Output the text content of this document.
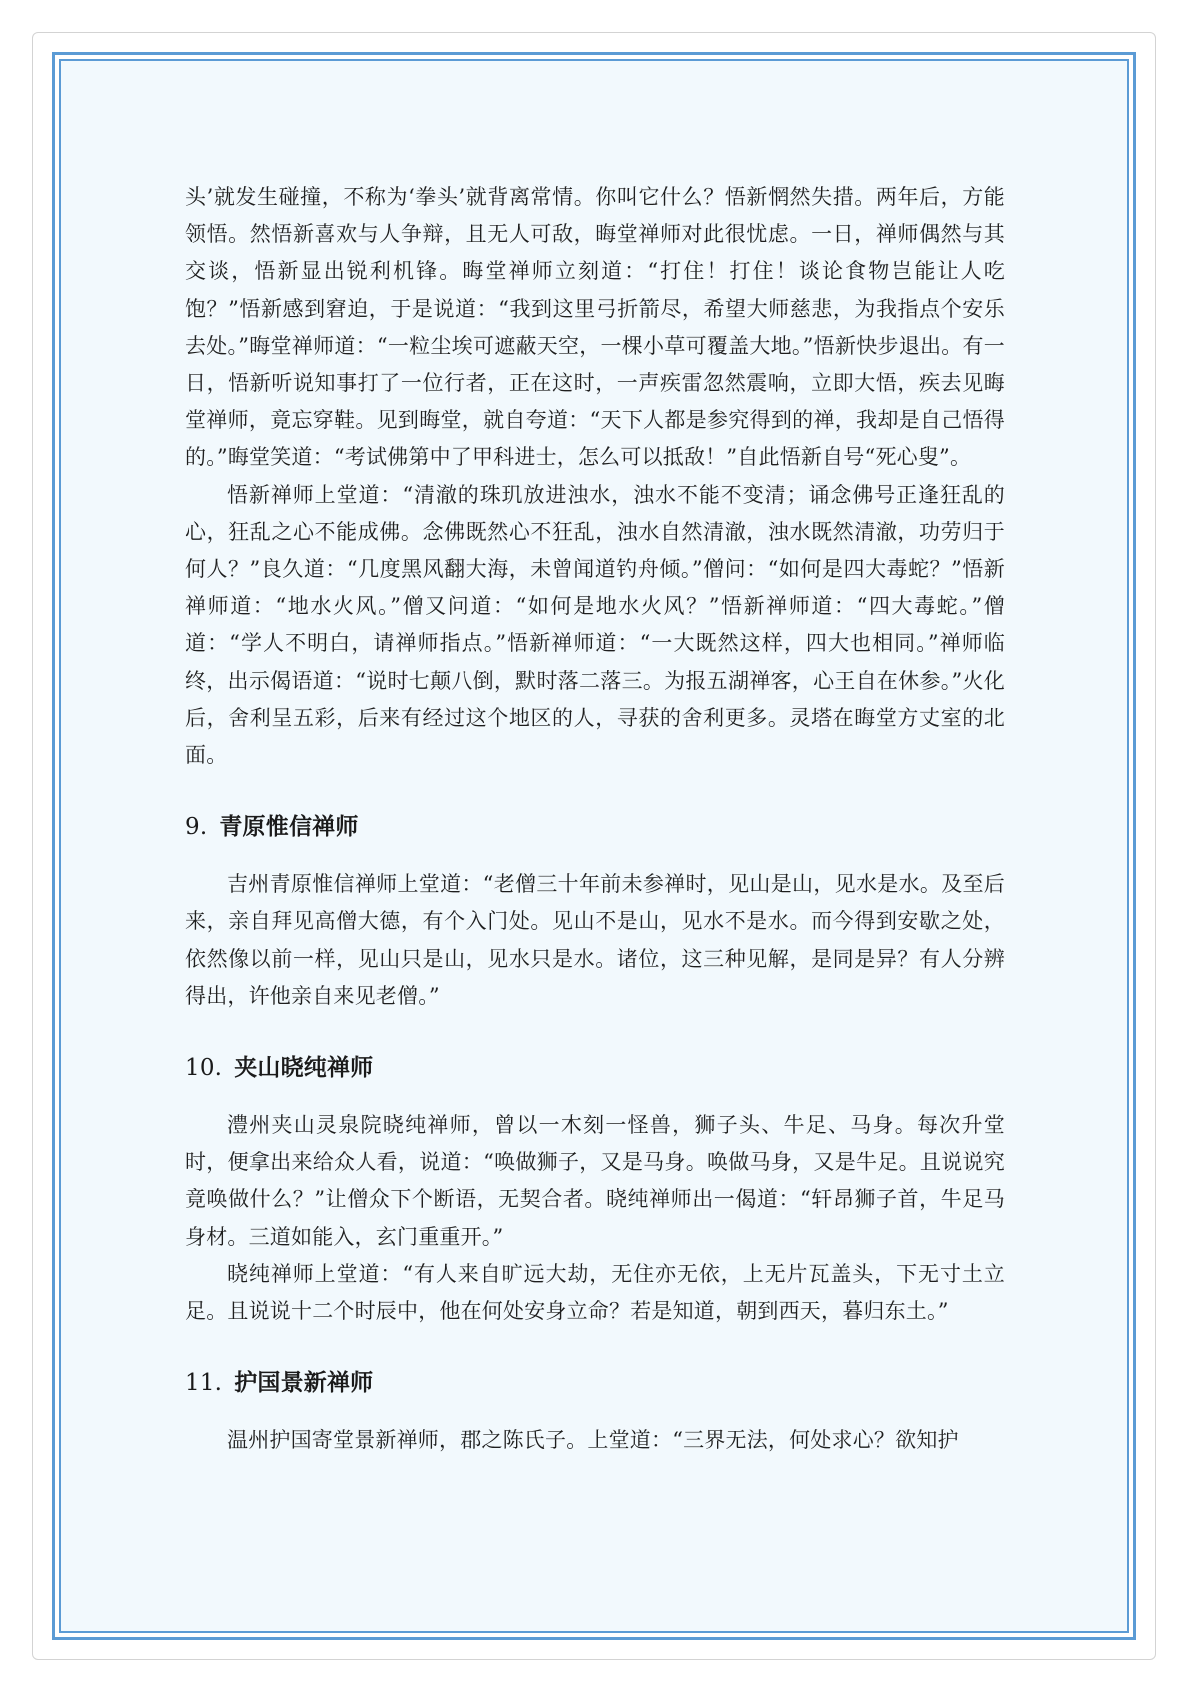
头’就发生碰撞，不称为‘拳头’就背离常情。你叫它什么？悟新惘然失措。两年后，方能领悟。然悟新喜欢与人争辩，且无人可敌，晦堂禅师对此很忧虑。一日，禅师偶然与其交谈，悟新显出锐利机锋。晦堂禅师立刻道：“打住！打住！谈论食物岂能让人吃饱？”悟新感到窘迫，于是说道：“我到这里弓折箭尽，希望大师慈悲，为我指点个安乐去处。”晦堂禅师道：“一粒尘埃可遮蔽天空，一棵小草可覆盖大地。”悟新快步退出。有一日，悟新听说知事打了一位行者，正在这时，一声疾雷忽然震响，立即大悟，疾去见晦堂禅师，竟忘穿鞋。见到晦堂，就自夸道：“天下人都是参究得到的禅，我却是自己悟得的。”晦堂笑道：“考试佛第中了甲科进士，怎么可以抵敌！”自此悟新自号“死心叟”。

悟新禅师上堂道：“清澈的珠玑放进浊水，浊水不能不变清；诵念佛号正逢狂乱的心，狂乱之心不能成佛。念佛既然心不狂乱，浊水自然清澈，浊水既然清澈，功劳归于何人？”良久道：“几度黑风翻大海，未曾闻道钓舟倾。”僧问：“如何是四大毒蛇？”悟新禅师道：“地水火风。”僧又问道：“如何是地水火风？”悟新禅师道：“四大毒蛇。”僧道：“学人不明白，请禅师指点。”悟新禅师道：“一大既然这样，四大也相同。”禅师临终，出示偈语道：“说时七颠八倒，默时落二落三。为报五湖禅客，心王自在休参。”火化后，舍利呈五彩，后来有经过这个地区的人，寻获的舍利更多。灵塔在晦堂方丈室的北面。

9. 青原惟信禅师

吉州青原惟信禅师上堂道：“老僧三十年前未参禅时，见山是山，见水是水。及至后来，亲自拜见高僧大德，有个入门处。见山不是山，见水不是水。而今得到安歇之处，依然像以前一样，见山只是山，见水只是水。诸位，这三种见解，是同是异？有人分辨得出，许他亲自来见老僧。”

10. 夹山晓纯禅师

澧州夹山灵泉院晓纯禅师，曾以一木刻一怪兽，狮子头、牛足、马身。每次升堂时，便拿出来给众人看，说道：“唤做狮子，又是马身。唤做马身，又是牛足。且说说究竟唤做什么？”让僧众下个断语，无契合者。晓纯禅师出一偈道：“轩昂狮子首，牛足马身材。三道如能入，玄门重重开。”

晓纯禅师上堂道：“有人来自旷远大劫，无住亦无依，上无片瓦盖头，下无寸土立足。且说说十二个时辰中，他在何处安身立命？若是知道，朝到西天，暮归东土。”

11. 护国景新禅师

温州护国寄堂景新禅师，郡之陈氏子。上堂道：“三界无法，何处求心？欲知护
